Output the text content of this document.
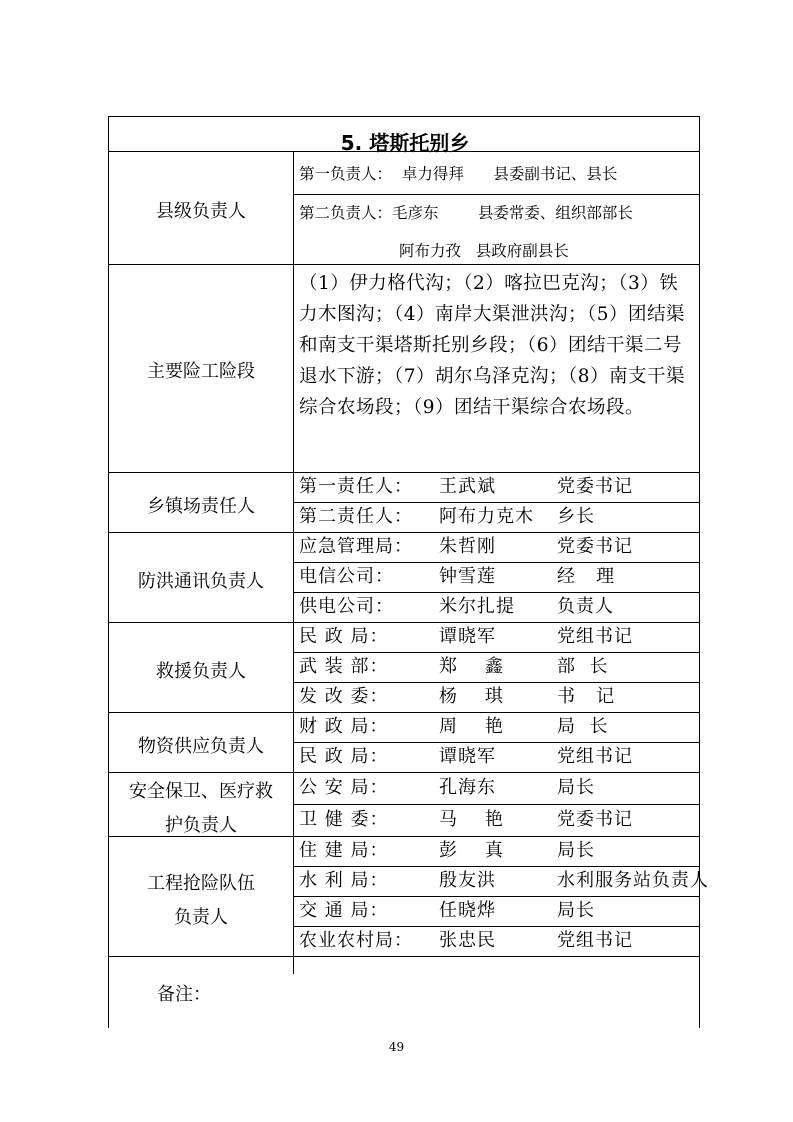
5. 塔斯托别乡
县级负责人
第一负责人：  卓力得拜      县委副书记、县长
第二负责人：毛彦东        县委常委、组织部部长
阿布力孜   县政府副县长
主要险工险段
（1）伊力格代沟；（2）喀拉巴克沟；（3）铁力木图沟；（4）南岸大渠泄洪沟；（5）团结渠和南支干渠塔斯托别乡段；（6）团结干渠二号退水下游；（7）胡尔乌泽克沟；（8）南支干渠综合农场段；（9）团结干渠综合农场段。
乡镇场责任人
第一责任人： 王武斌	党委书记
第二责任人： 阿布力克木 乡长
防洪通讯负责人
应急管理局： 朱哲刚	党委书记
电信公司：	钟雪莲	经   理
供电公司：	米尔扎提 负责人
救援负责人
民 政 局：	谭晓军	党组书记
武 装 部：	郑    鑫	部  长
发 改 委：	杨    琪	书   记
物资供应负责人
财 政 局：	周    艳	局  长
民 政 局：	谭晓军	党组书记
安全保卫、医疗救
护负责人
公 安 局：	孔海东	局长
卫 健 委：	马    艳	党委书记
工程抢险队伍
负责人
住 建 局：	彭    真	局长
水 利 局：	殷友洪	水利服务站负责人
交 通 局：	任晓烨	局长
农业农村局： 张忠民	党组书记
备注：
49
